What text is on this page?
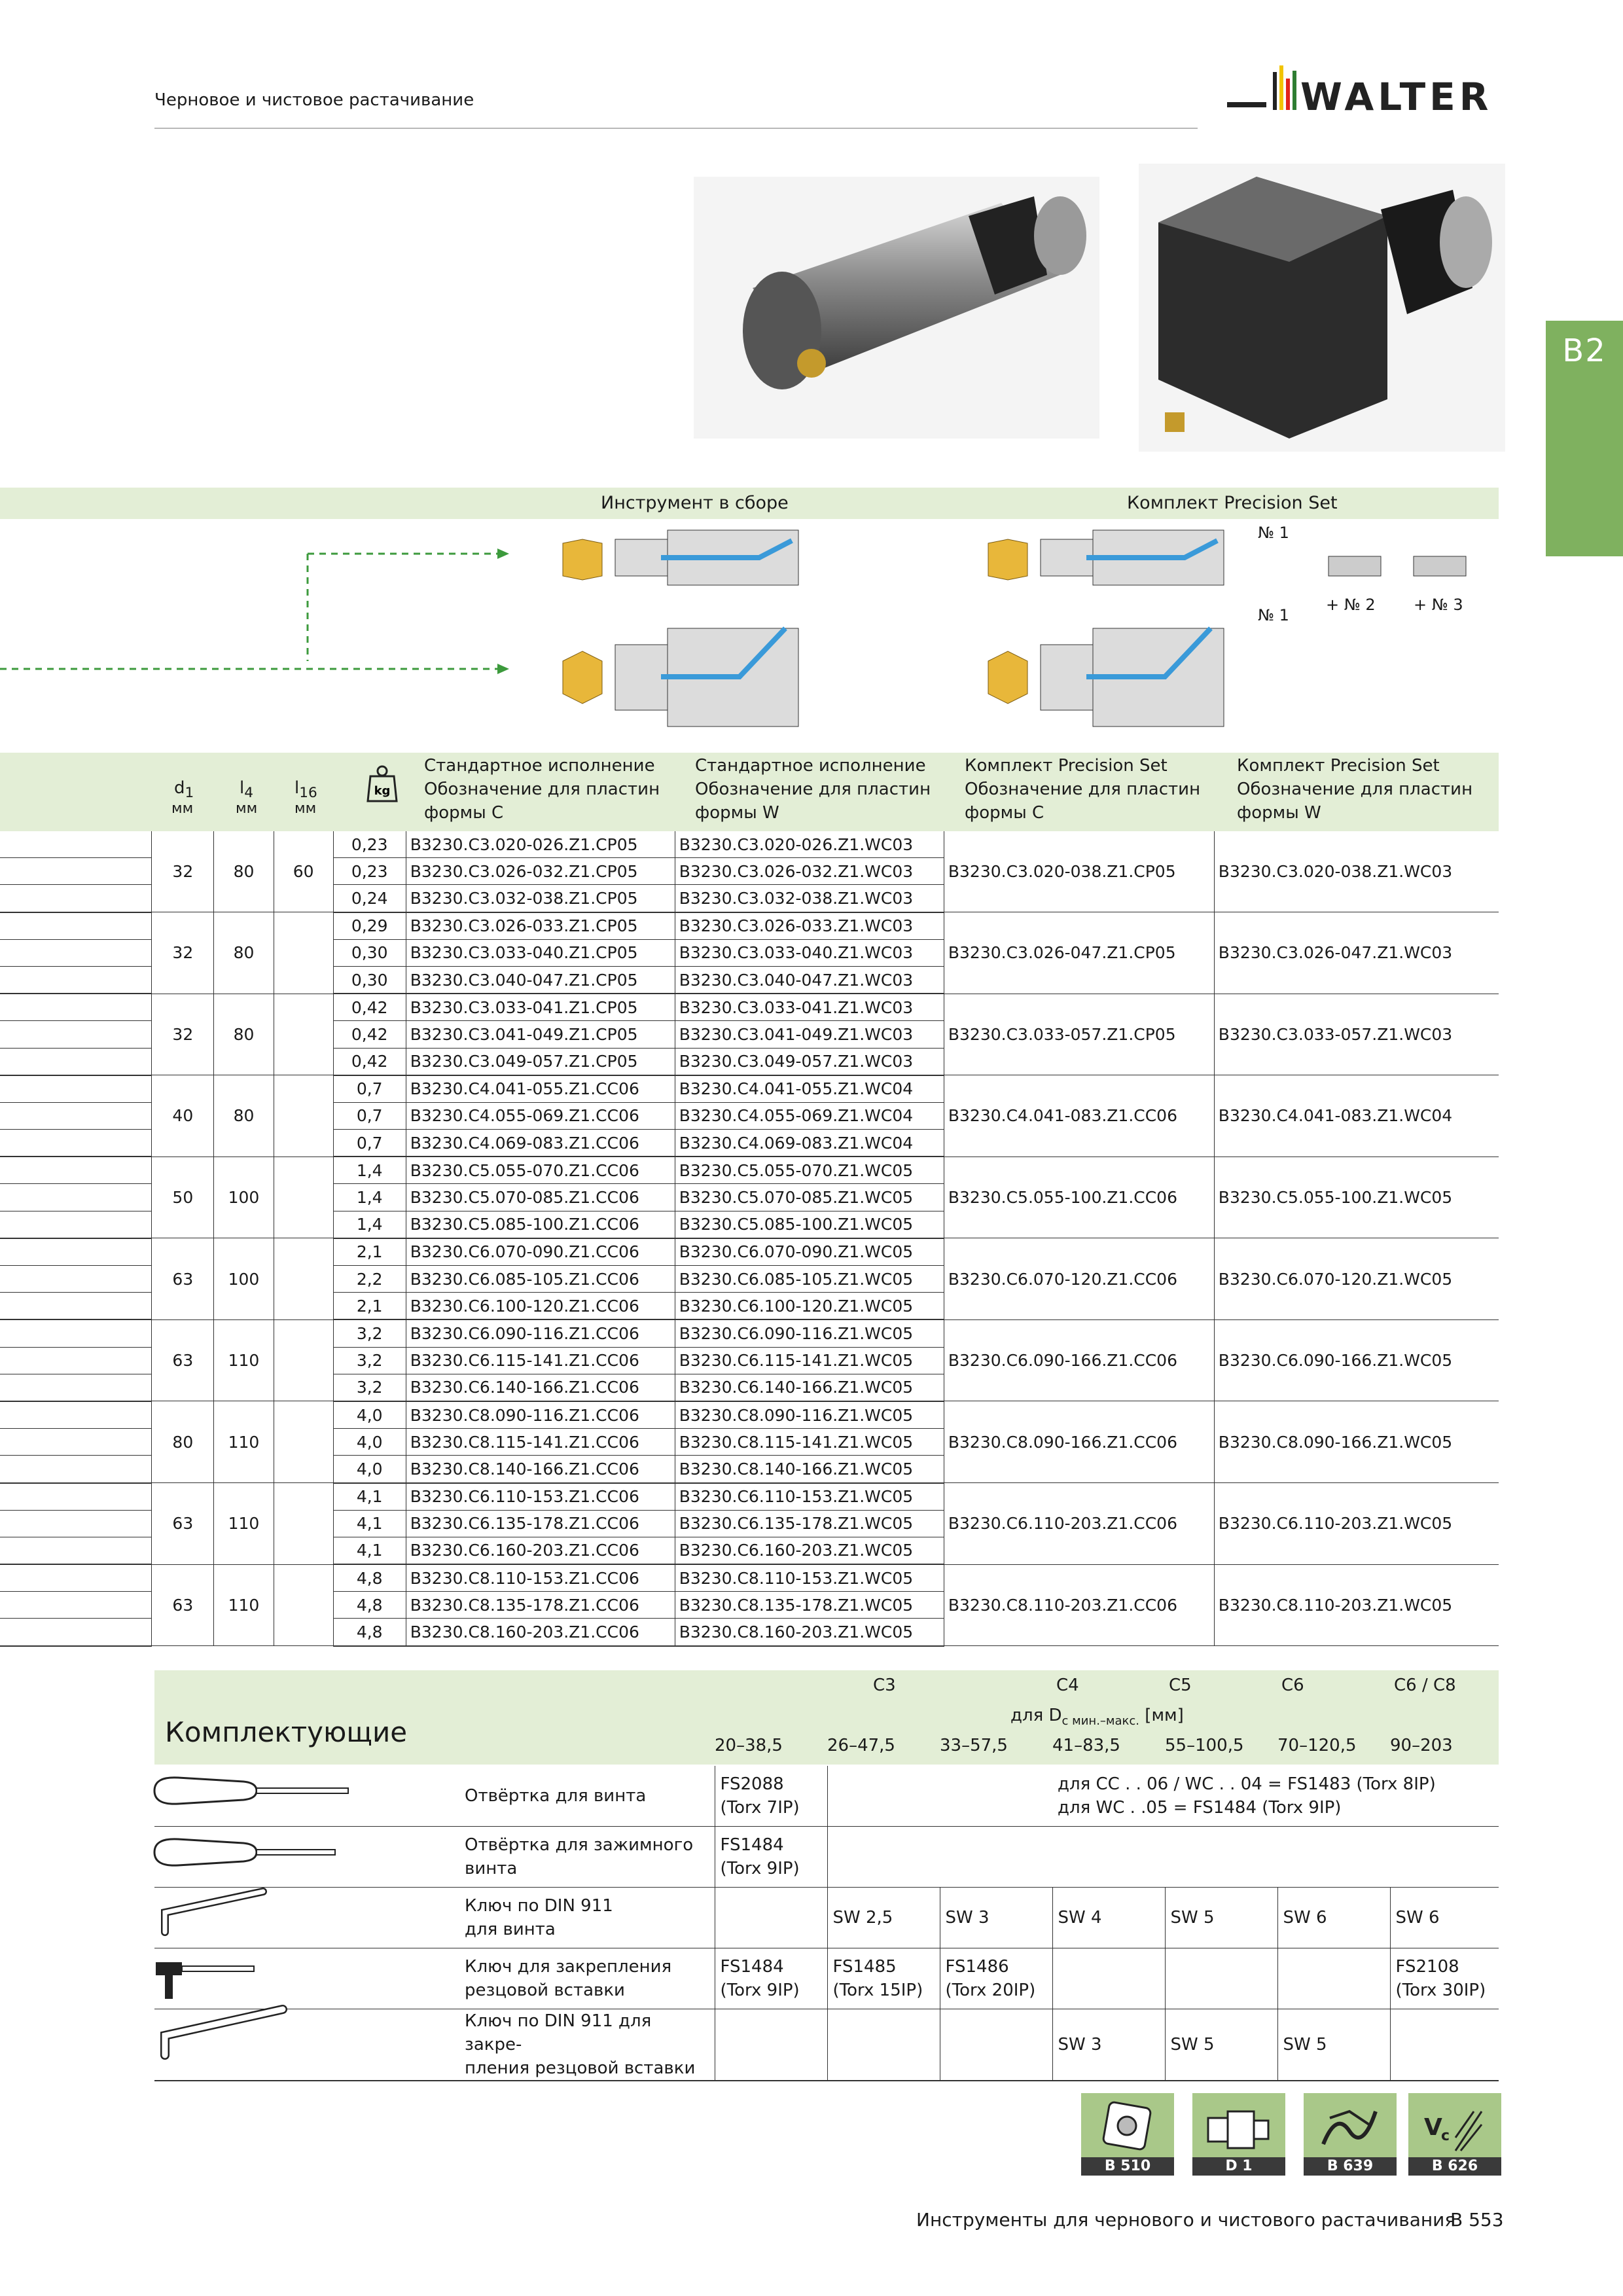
Черновое и чистовое растачивание	WALTER
B2
Инструмент в сборе	Комплект Precision Set
№ 1
№ 1
+ № 2 + № 3
$d_1$
мм
$l_4$
мм
$l_{16}$
мм
kg
Стандартное исполнение
Обозначение для пластин
формы C
Стандартное исполнение
Обозначение для пластин
формы W
Комплект Precision Set
Обозначение для пластин
формы C
Комплект Precision Set
Обозначение для пластин
формы W
	32	80	60	0,23	B3230.C3.020-026.Z1.CP05	B3230.C3.020-026.Z1.WC03	B3230.C3.020-038.Z1.CP05	B3230.C3.020-038.Z1.WC03
				0,23	B3230.C3.026-032.Z1.CP05	B3230.C3.026-032.Z1.WC03		
				0,24	B3230.C3.032-038.Z1.CP05	B3230.C3.032-038.Z1.WC03		
	32	80		0,29	B3230.C3.026-033.Z1.CP05	B3230.C3.026-033.Z1.WC03	B3230.C3.026-047.Z1.CP05	B3230.C3.026-047.Z1.WC03
				0,30	B3230.C3.033-040.Z1.CP05	B3230.C3.033-040.Z1.WC03		
				0,30	B3230.C3.040-047.Z1.CP05	B3230.C3.040-047.Z1.WC03		
	32	80		0,42	B3230.C3.033-041.Z1.CP05	B3230.C3.033-041.Z1.WC03	B3230.C3.033-057.Z1.CP05	B3230.C3.033-057.Z1.WC03
				0,42	B3230.C3.041-049.Z1.CP05	B3230.C3.041-049.Z1.WC03		
				0,42	B3230.C3.049-057.Z1.CP05	B3230.C3.049-057.Z1.WC03		
	40	80		0,7	B3230.C4.041-055.Z1.CC06	B3230.C4.041-055.Z1.WC04	B3230.C4.041-083.Z1.CC06	B3230.C4.041-083.Z1.WC04
				0,7	B3230.C4.055-069.Z1.CC06	B3230.C4.055-069.Z1.WC04		
				0,7	B3230.C4.069-083.Z1.CC06	B3230.C4.069-083.Z1.WC04		
	50	100		1,4	B3230.C5.055-070.Z1.CC06	B3230.C5.055-070.Z1.WC05	B3230.C5.055-100.Z1.CC06	B3230.C5.055-100.Z1.WC05
				1,4	B3230.C5.070-085.Z1.CC06	B3230.C5.070-085.Z1.WC05		
				1,4	B3230.C5.085-100.Z1.CC06	B3230.C5.085-100.Z1.WC05		
	63	100		2,1	B3230.C6.070-090.Z1.CC06	B3230.C6.070-090.Z1.WC05	B3230.C6.070-120.Z1.CC06	B3230.C6.070-120.Z1.WC05
				2,2	B3230.C6.085-105.Z1.CC06	B3230.C6.085-105.Z1.WC05		
				2,1	B3230.C6.100-120.Z1.CC06	B3230.C6.100-120.Z1.WC05		
	63	110		3,2	B3230.C6.090-116.Z1.CC06	B3230.C6.090-116.Z1.WC05	B3230.C6.090-166.Z1.CC06	B3230.C6.090-166.Z1.WC05
				3,2	B3230.C6.115-141.Z1.CC06	B3230.C6.115-141.Z1.WC05		
				3,2	B3230.C6.140-166.Z1.CC06	B3230.C6.140-166.Z1.WC05		
	80	110		4,0	B3230.C8.090-116.Z1.CC06	B3230.C8.090-116.Z1.WC05	B3230.C8.090-166.Z1.CC06	B3230.C8.090-166.Z1.WC05
				4,0	B3230.C8.115-141.Z1.CC06	B3230.C8.115-141.Z1.WC05		
				4,0	B3230.C8.140-166.Z1.CC06	B3230.C8.140-166.Z1.WC05		
	63	110		4,1	B3230.C6.110-153.Z1.CC06	B3230.C6.110-153.Z1.WC05	B3230.C6.110-203.Z1.CC06	B3230.C6.110-203.Z1.WC05
				4,1	B3230.C6.135-178.Z1.CC06	B3230.C6.135-178.Z1.WC05		
				4,1	B3230.C6.160-203.Z1.CC06	B3230.C6.160-203.Z1.WC05		
	63	110		4,8	B3230.C8.110-153.Z1.CC06	B3230.C8.110-153.Z1.WC05	B3230.C8.110-203.Z1.CC06	B3230.C8.110-203.Z1.WC05
				4,8	B3230.C8.135-178.Z1.CC06	B3230.C8.135-178.Z1.WC05		
				4,8	B3230.C8.160-203.Z1.CC06	B3230.C8.160-203.Z1.WC05		
Комплектующие
C3	C4	C5	C6	C6 / C8
для $D_{c мин.-макс.}$ [мм]
20–38,5	26–47,5	33–57,5	41–83,5	55–100,5 70–120,5 90–203
	Отвёртка для винта	FS2088
(Torx 7IP)			для CC . . 06 / WC . . 04 = FS1483 (Torx 8IP)
для WC . .05 = FS1484 (Torx 9IP)			
	Отвёртка для зажимного
винта	FS1484
(Torx 9IP)						
	Ключ по DIN 911
для винта		SW 2,5	SW 3	SW 4	SW 5	SW 6	SW 6
	Ключ для закрепления
резцовой вставки	FS1484
(Torx 9IP)	FS1485
(Torx 15IP)	FS1486
(Torx 20IP)				FS2108
(Torx 30IP)
	Ключ по DIN 911 для закре-
пления резцовой вставки				SW 3	SW 5	SW 5	
B 510	D 1	B 639
V
c
B 626
Инструменты для чернового и чистового растачивания
B 553
